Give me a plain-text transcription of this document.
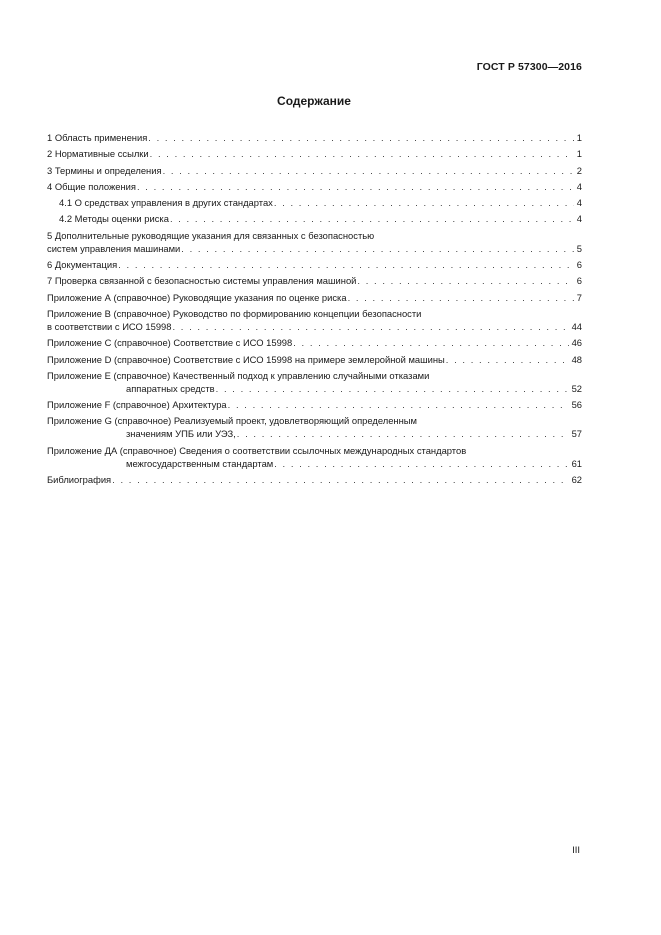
ГОСТ Р 57300—2016
Содержание
1 Область применения . . .	1
2 Нормативные ссылки . . .	1
3 Термины и определения . . .	2
4 Общие положения . . .	4
4.1 О средствах управления в других стандартах . . .	4
4.2 Методы оценки риска . . .	4
5 Дополнительные руководящие указания для связанных с безопасностью
систем управления машинами . . .	5
6 Документация . . .	6
7 Проверка связанной с безопасностью системы управления машиной . . .	6
Приложение А (справочное) Руководящие указания по оценке риска . . .	7
Приложение В (справочное) Руководство по формированию концепции безопасности
в соответствии с ИСО 15998 . . .	44
Приложение С (справочное) Соответствие с ИСО 15998 . . .	46
Приложение D (справочное) Соответствие с ИСО 15998 на примере землеройной машины . . .	48
Приложение Е (справочное) Качественный подход к управлению случайными отказами
аппаратных средств . . .	52
Приложение F (справочное) Архитектура . . .	56
Приложение G (справочное) Реализуемый проект, удовлетворяющий определенным
значениям УПБ или УЭЗ, . . .	57
Приложение ДА (справочное) Сведения о соответствии ссылочных международных стандартов
межгосударственным стандартам . . .	61
Библиография . . .	62
III
